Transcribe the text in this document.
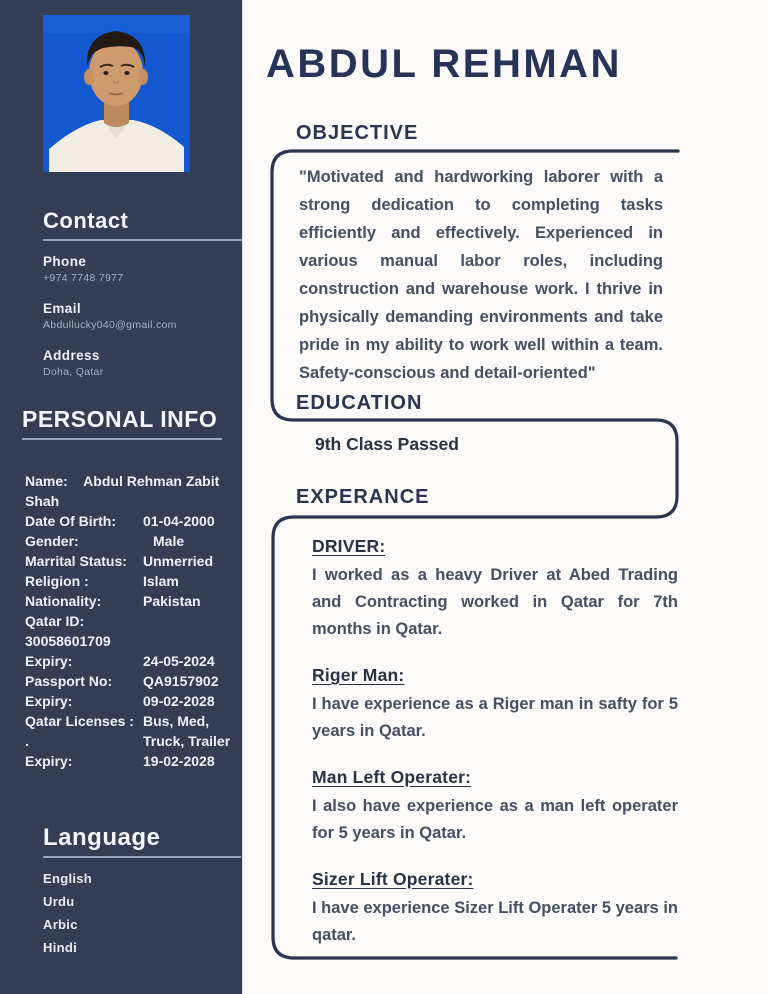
Contact
Phone
+974 7748 7977
Email
Abdullucky040@gmail.com
Address
Doha, Qatar
PERSONAL INFO
Name: Abdul Rehman Zabit Shah
Date Of Birth:	01-04-2000
Gender:	Male
Marrital Status:	Unmerried
Religion :	Islam
Nationality:	Pakistan
Qatar ID:
30058601709
Expiry:	24-05-2024
Passport No:	QA9157902
Expiry:	09-02-2028
Qatar Licenses : Bus, Med,
.	Truck, Trailer
Expiry:	19-02-2028
Language
English
Urdu
Arbic
Hindi
ABDUL REHMAN
OBJECTIVE

"Motivated and hardworking laborer with a strong dedication to completing tasks efficiently and effectively. Experienced in various manual labor roles, including construction and warehouse work. I thrive in physically demanding environments and take pride in my ability to work well within a team. Safety-conscious and detail-oriented"

EDUCATION
9th Class Passed
EXPERANCE
DRIVER:

I worked as a heavy Driver at Abed Trading and Contracting worked in Qatar for 7th months in Qatar.

Riger Man:

I have experience as a Riger man in safty for 5 years in Qatar.

Man Left Operater:

I also have experience as a man left operater for 5 years in Qatar.

Sizer Lift Operater:

I have experience Sizer Lift Operater 5 years in qatar.
